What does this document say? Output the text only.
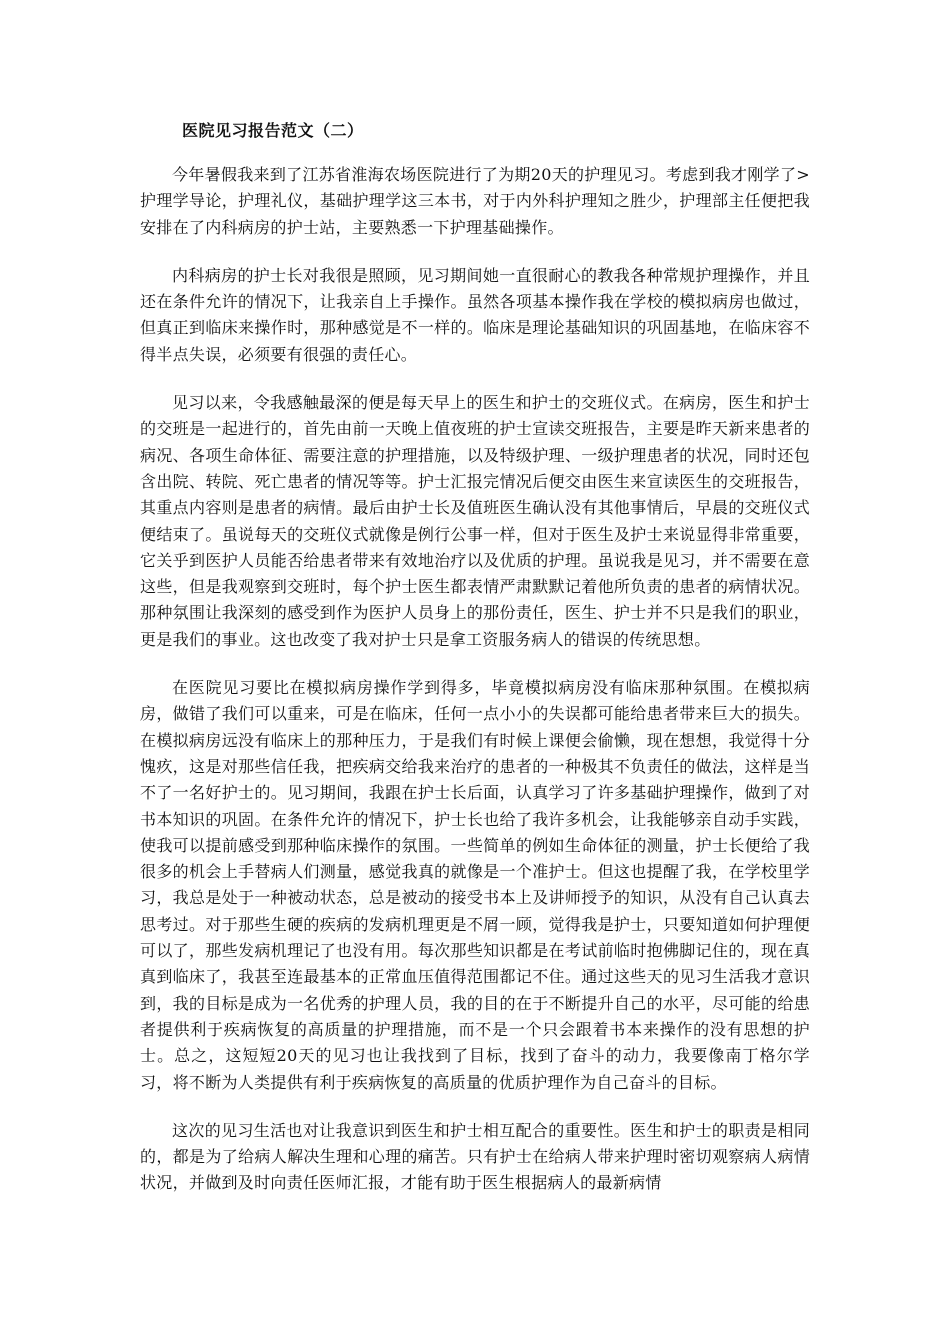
医院见习报告范文（二）

今年暑假我来到了江苏省淮海农场医院进行了为期20天的护理见习。考虑到我才刚学了>护理学导论，护理礼仪，基础护理学这三本书，对于内外科护理知之胜少，护理部主任便把我安排在了内科病房的护士站，主要熟悉一下护理基础操作。

内科病房的护士长对我很是照顾，见习期间她一直很耐心的教我各种常规护理操作，并且还在条件允许的情况下，让我亲自上手操作。虽然各项基本操作我在学校的模拟病房也做过，但真正到临床来操作时，那种感觉是不一样的。临床是理论基础知识的巩固基地，在临床容不得半点失误，必须要有很强的责任心。

见习以来，令我感触最深的便是每天早上的医生和护士的交班仪式。在病房，医生和护士的交班是一起进行的，首先由前一天晚上值夜班的护士宣读交班报告，主要是昨天新来患者的病况、各项生命体征、需要注意的护理措施，以及特级护理、一级护理患者的状况，同时还包含出院、转院、死亡患者的情况等等。护士汇报完情况后便交由医生来宣读医生的交班报告，其重点内容则是患者的病情。最后由护士长及值班医生确认没有其他事情后，早晨的交班仪式便结束了。虽说每天的交班仪式就像是例行公事一样，但对于医生及护士来说显得非常重要，它关乎到医护人员能否给患者带来有效地治疗以及优质的护理。虽说我是见习，并不需要在意这些，但是我观察到交班时，每个护士医生都表情严肃默默记着他所负责的患者的病情状况。那种氛围让我深刻的感受到作为医护人员身上的那份责任，医生、护士并不只是我们的职业，更是我们的事业。这也改变了我对护士只是拿工资服务病人的错误的传统思想。

在医院见习要比在模拟病房操作学到得多，毕竟模拟病房没有临床那种氛围。在模拟病房，做错了我们可以重来，可是在临床，任何一点小小的失误都可能给患者带来巨大的损失。在模拟病房远没有临床上的那种压力，于是我们有时候上课便会偷懒，现在想想，我觉得十分愧疚，这是对那些信任我，把疾病交给我来治疗的患者的一种极其不负责任的做法，这样是当不了一名好护士的。见习期间，我跟在护士长后面，认真学习了许多基础护理操作，做到了对书本知识的巩固。在条件允许的情况下，护士长也给了我许多机会，让我能够亲自动手实践，使我可以提前感受到那种临床操作的氛围。一些简单的例如生命体征的测量，护士长便给了我很多的机会上手替病人们测量，感觉我真的就像是一个准护士。但这也提醒了我，在学校里学习，我总是处于一种被动状态，总是被动的接受书本上及讲师授予的知识，从没有自己认真去思考过。对于那些生硬的疾病的发病机理更是不屑一顾，觉得我是护士，只要知道如何护理便可以了，那些发病机理记了也没有用。每次那些知识都是在考试前临时抱佛脚记住的，现在真真到临床了，我甚至连最基本的正常血压值得范围都记不住。通过这些天的见习生活我才意识到，我的目标是成为一名优秀的护理人员，我的目的在于不断提升自己的水平，尽可能的给患者提供利于疾病恢复的高质量的护理措施，而不是一个只会跟着书本来操作的没有思想的护士。总之，这短短20天的见习也让我找到了目标，找到了奋斗的动力，我要像南丁格尔学习，将不断为人类提供有利于疾病恢复的高质量的优质护理作为自己奋斗的目标。

这次的见习生活也对让我意识到医生和护士相互配合的重要性。医生和护士的职责是相同的，都是为了给病人解决生理和心理的痛苦。只有护士在给病人带来护理时密切观察病人病情状况，并做到及时向责任医师汇报，才能有助于医生根据病人的最新病情
